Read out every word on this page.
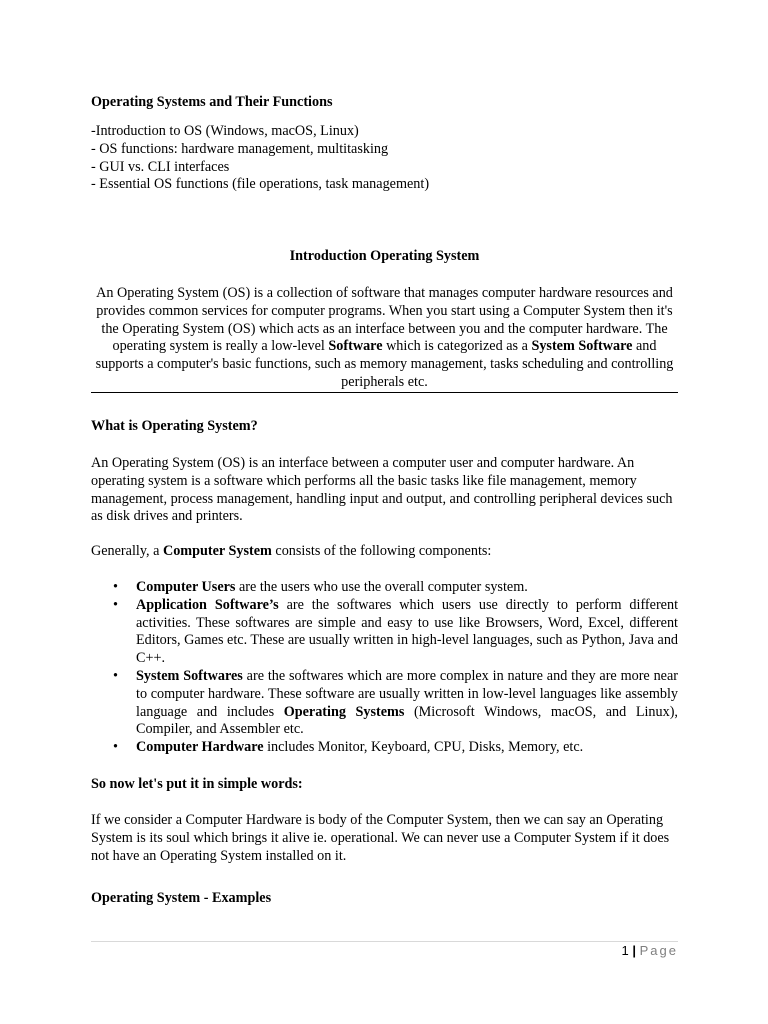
Operating Systems and Their Functions
-Introduction to OS (Windows, macOS, Linux)
- OS functions: hardware management, multitasking
- GUI vs. CLI interfaces
- Essential OS functions (file operations, task management)
Introduction Operating System
An Operating System (OS) is a collection of software that manages computer hardware resources and provides common services for computer programs. When you start using a Computer System then it's the Operating System (OS) which acts as an interface between you and the computer hardware. The operating system is really a low-level Software which is categorized as a System Software and supports a computer's basic functions, such as memory management, tasks scheduling and controlling peripherals etc.
What is Operating System?
An Operating System (OS) is an interface between a computer user and computer hardware. An operating system is a software which performs all the basic tasks like file management, memory management, process management, handling input and output, and controlling peripheral devices such as disk drives and printers.
Generally, a Computer System consists of the following components:
• Computer Users are the users who use the overall computer system.
• Application Software’s are the softwares which users use directly to perform different activities. These softwares are simple and easy to use like Browsers, Word, Excel, different Editors, Games etc. These are usually written in high-level languages, such as Python, Java and C++.
• System Softwares are the softwares which are more complex in nature and they are more near to computer hardware. These software are usually written in low-level languages like assembly language and includes Operating Systems (Microsoft Windows, macOS, and Linux), Compiler, and Assembler etc.
• Computer Hardware includes Monitor, Keyboard, CPU, Disks, Memory, etc.
So now let's put it in simple words:
If we consider a Computer Hardware is body of the Computer System, then we can say an Operating System is its soul which brings it alive ie. operational. We can never use a Computer System if it does not have an Operating System installed on it.
Operating System - Examples
1 | Page
